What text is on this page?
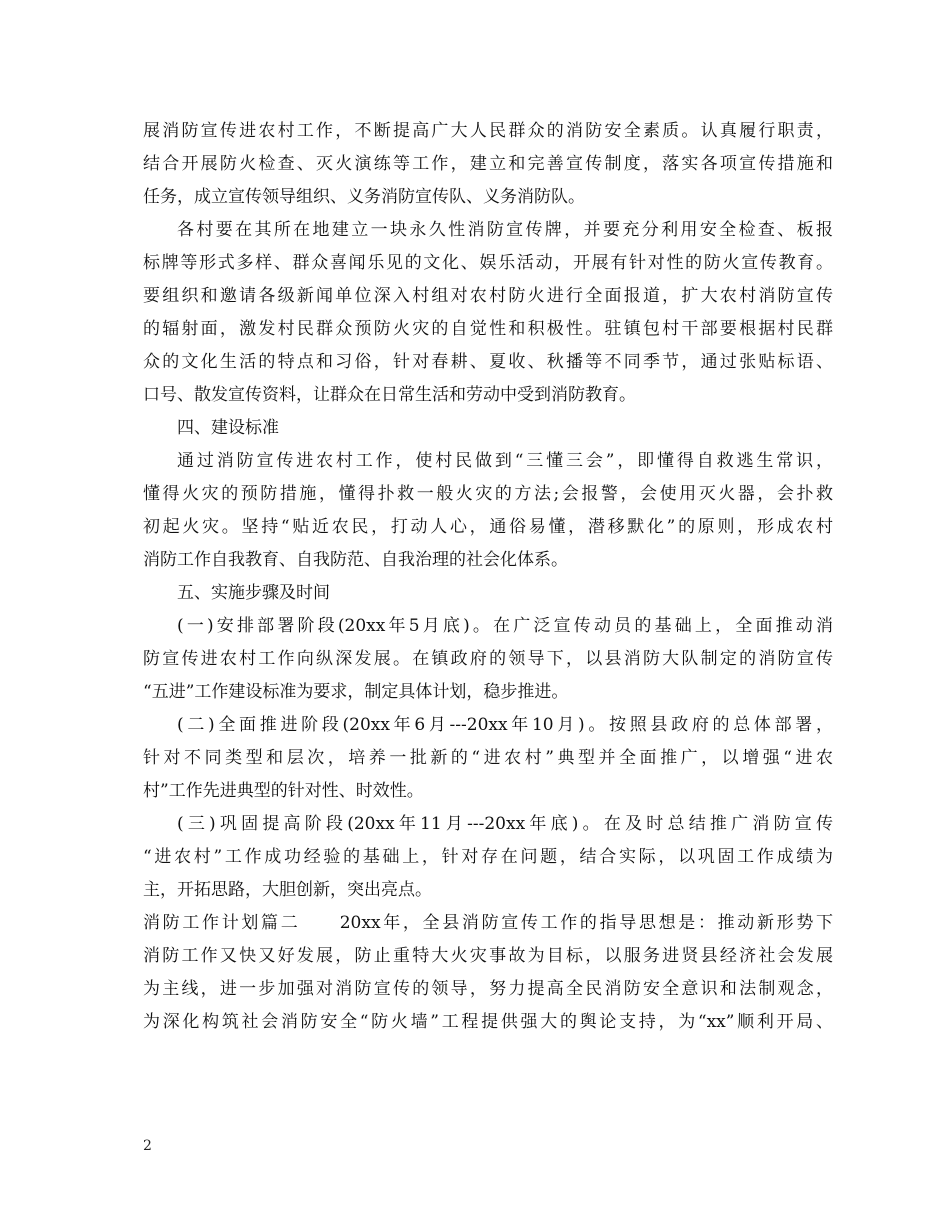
展消防宣传进农村工作，不断提高广大人民群众的消防安全素质。认真履行职责，
结合开展防火检查、灭火演练等工作，建立和完善宣传制度，落实各项宣传措施和
任务，成立宣传领导组织、义务消防宣传队、义务消防队。
各村要在其所在地建立一块永久性消防宣传牌，并要充分利用安全检查、板报
标牌等形式多样、群众喜闻乐见的文化、娱乐活动，开展有针对性的防火宣传教育。
要组织和邀请各级新闻单位深入村组对农村防火进行全面报道，扩大农村消防宣传
的辐射面，激发村民群众预防火灾的自觉性和积极性。驻镇包村干部要根据村民群
众的文化生活的特点和习俗，针对春耕、夏收、秋播等不同季节，通过张贴标语、
口号、散发宣传资料，让群众在日常生活和劳动中受到消防教育。
四、建设标准
通过消防宣传进农村工作，使村民做到“三懂三会”，即懂得自救逃生常识，
懂得火灾的预防措施，懂得扑救一般火灾的方法;会报警，会使用灭火器，会扑救
初起火灾。坚持“贴近农民，打动人心，通俗易懂，潜移默化”的原则，形成农村
消防工作自我教育、自我防范、自我治理的社会化体系。
五、实施步骤及时间
(一)安排部署阶段(20xx年5月底)。在广泛宣传动员的基础上，全面推动消
防宣传进农村工作向纵深发展。在镇政府的领导下，以县消防大队制定的消防宣传
“五进”工作建设标准为要求，制定具体计划，稳步推进。
(二)全面推进阶段(20xx年6月---20xx年10月)。按照县政府的总体部署，
针对不同类型和层次，培养一批新的“进农村”典型并全面推广，以增强“进农
村”工作先进典型的针对性、时效性。
(三)巩固提高阶段(20xx年11月---20xx年底)。在及时总结推广消防宣传
“进农村”工作成功经验的基础上，针对存在问题，结合实际，以巩固工作成绩为
主，开拓思路，大胆创新，突出亮点。
消防工作计划篇二　　20xx年，全县消防宣传工作的指导思想是：推动新形势下
消防工作又快又好发展，防止重特大火灾事故为目标，以服务进贤县经济社会发展
为主线，进一步加强对消防宣传的领导，努力提高全民消防安全意识和法制观念，
为深化构筑社会消防安全“防火墙”工程提供强大的舆论支持，为“xx”顺利开局、
2
